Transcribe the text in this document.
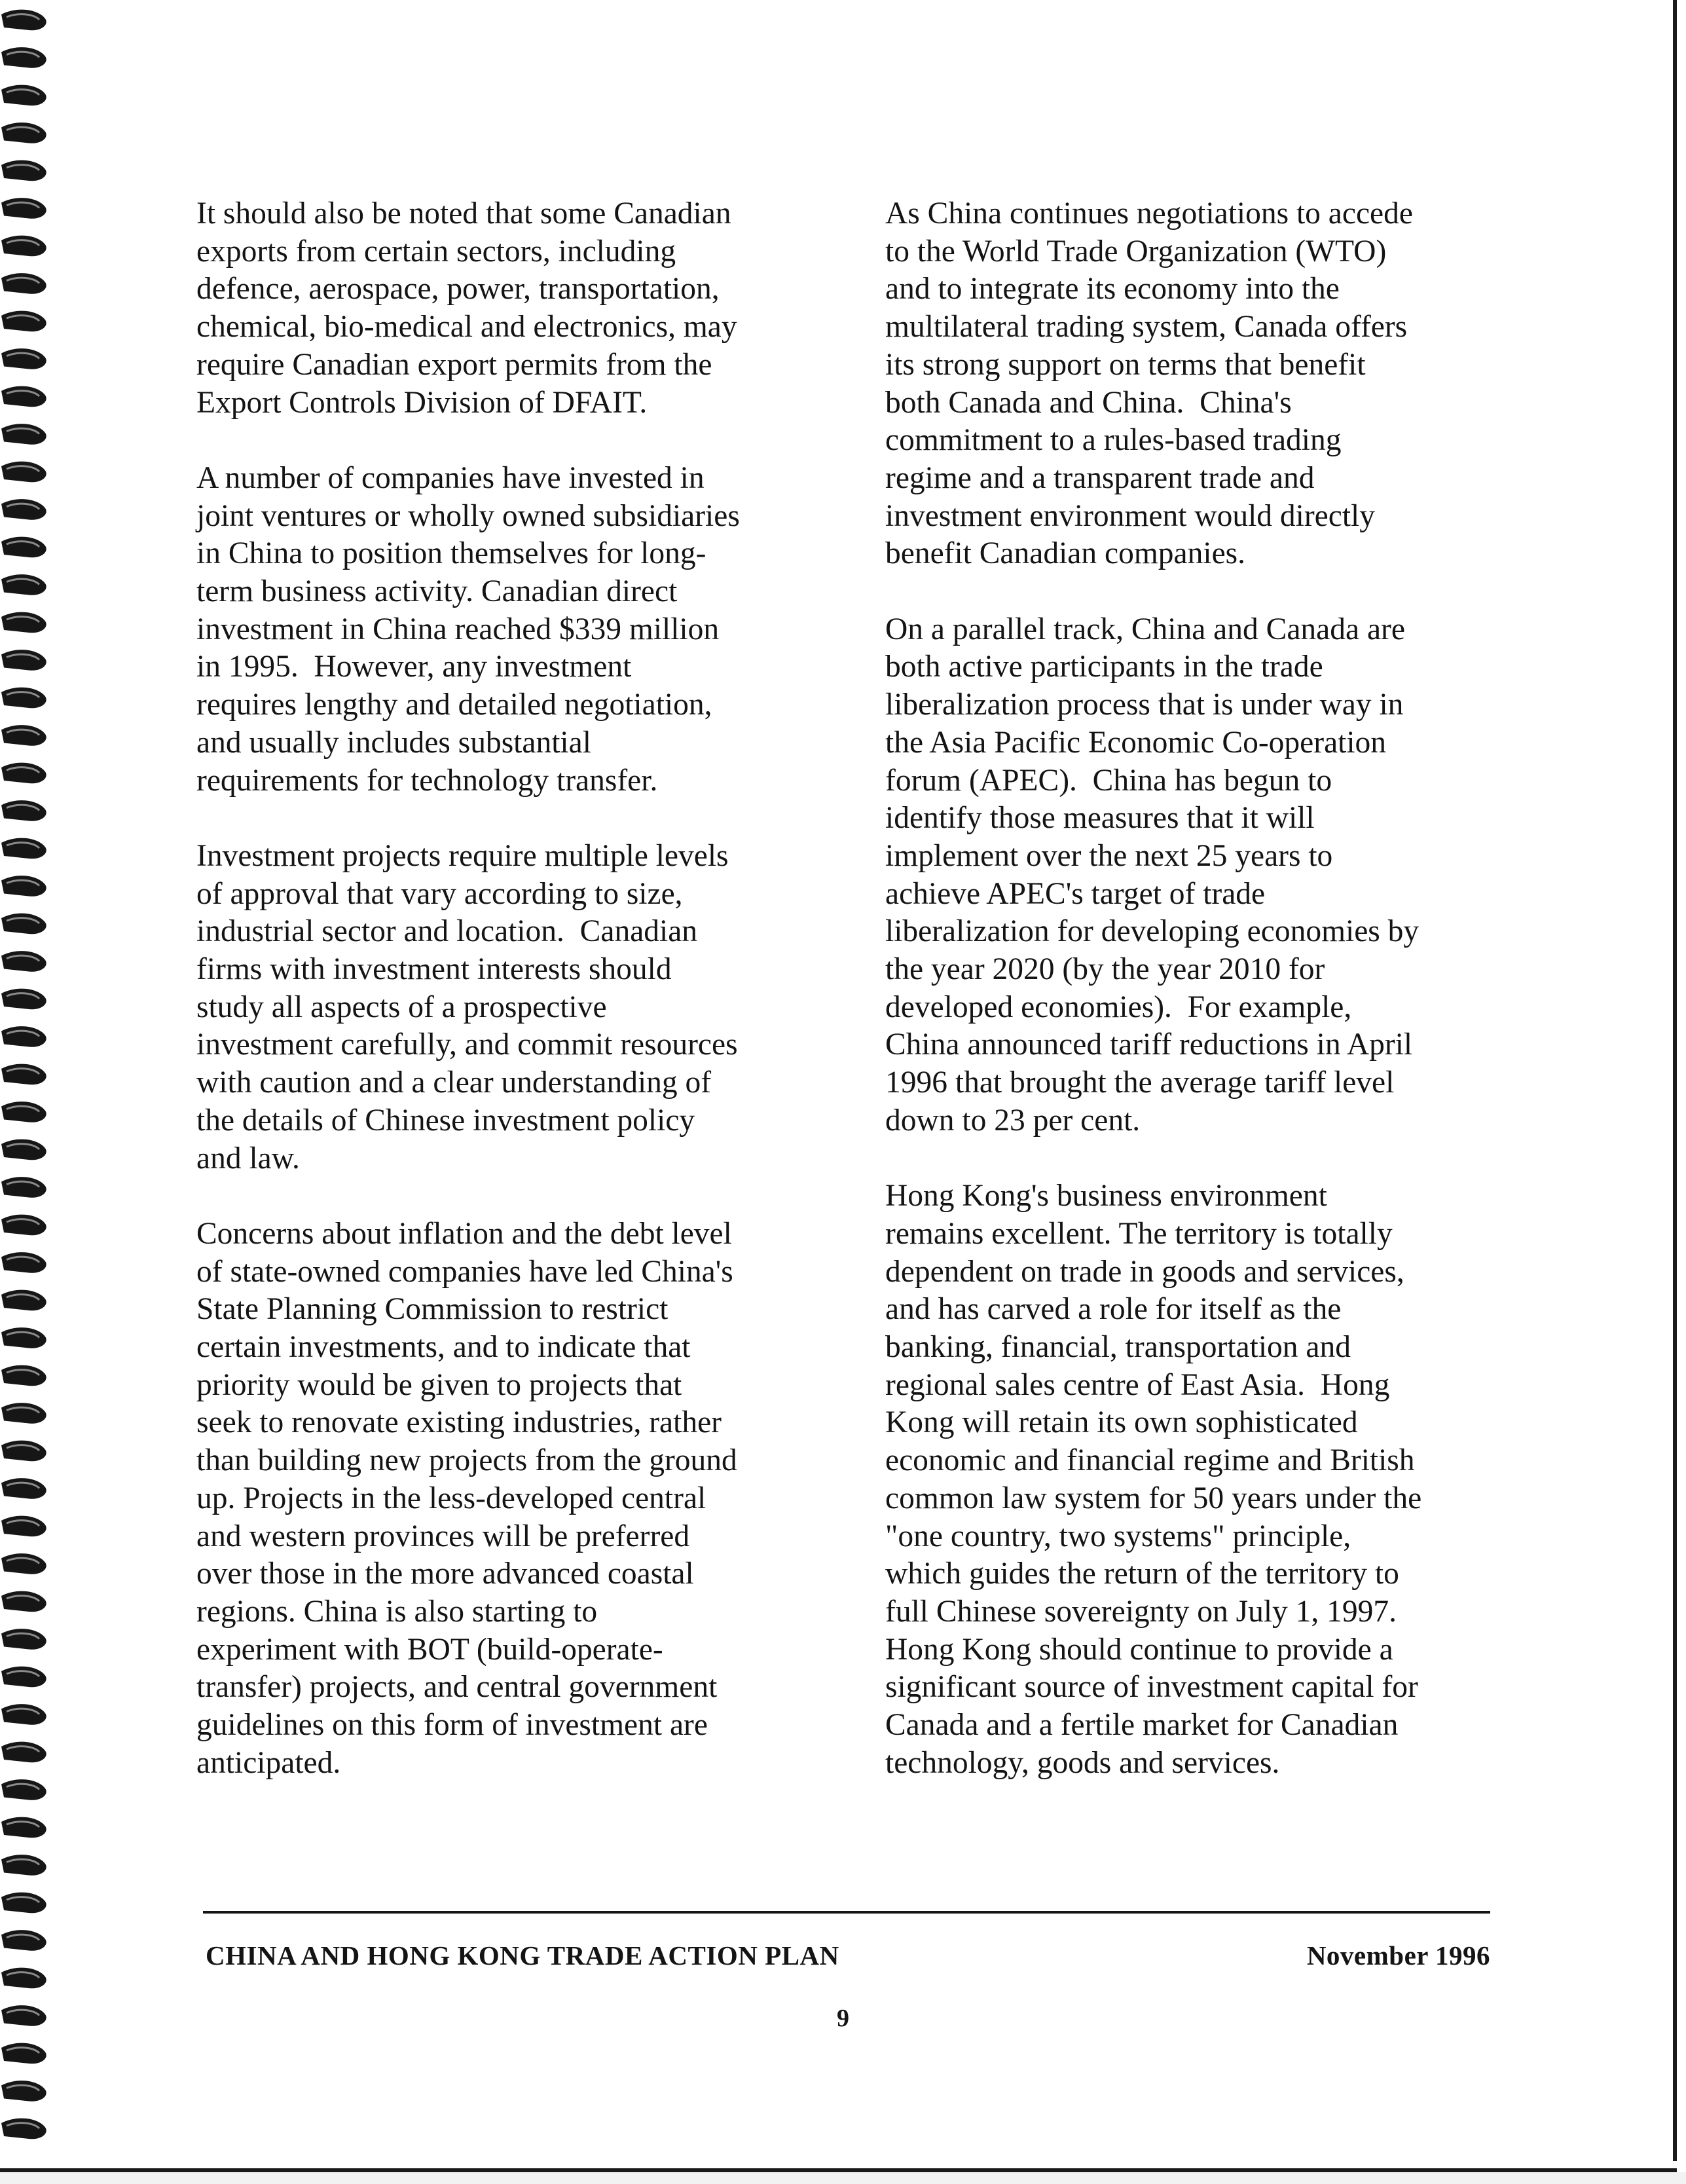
It should also be noted that some Canadian
exports from certain sectors, including
defence, aerospace, power, transportation,
chemical, bio-medical and electronics, may
require Canadian export permits from the
Export Controls Division of DFAIT.
A number of companies have invested in
joint ventures or wholly owned subsidiaries
in China to position themselves for long-
term business activity. Canadian direct
investment in China reached $339 million
in 1995.  However, any investment
requires lengthy and detailed negotiation,
and usually includes substantial
requirements for technology transfer.
Investment projects require multiple levels
of approval that vary according to size,
industrial sector and location.  Canadian
firms with investment interests should
study all aspects of a prospective
investment carefully, and commit resources
with caution and a clear understanding of
the details of Chinese investment policy
and law.
Concerns about inflation and the debt level
of state-owned companies have led China's
State Planning Commission to restrict
certain investments, and to indicate that
priority would be given to projects that
seek to renovate existing industries, rather
than building new projects from the ground
up. Projects in the less-developed central
and western provinces will be preferred
over those in the more advanced coastal
regions. China is also starting to
experiment with BOT (build-operate-
transfer) projects, and central government
guidelines on this form of investment are
anticipated.
As China continues negotiations to accede
to the World Trade Organization (WTO)
and to integrate its economy into the
multilateral trading system, Canada offers
its strong support on terms that benefit
both Canada and China.  China's
commitment to a rules-based trading
regime and a transparent trade and
investment environment would directly
benefit Canadian companies.
On a parallel track, China and Canada are
both active participants in the trade
liberalization process that is under way in
the Asia Pacific Economic Co-operation
forum (APEC).  China has begun to
identify those measures that it will
implement over the next 25 years to
achieve APEC's target of trade
liberalization for developing economies by
the year 2020 (by the year 2010 for
developed economies).  For example,
China announced tariff reductions in April
1996 that brought the average tariff level
down to 23 per cent.
Hong Kong's business environment
remains excellent. The territory is totally
dependent on trade in goods and services,
and has carved a role for itself as the
banking, financial, transportation and
regional sales centre of East Asia.  Hong
Kong will retain its own sophisticated
economic and financial regime and British
common law system for 50 years under the
"one country, two systems" principle,
which guides the return of the territory to
full Chinese sovereignty on July 1, 1997.
Hong Kong should continue to provide a
significant source of investment capital for
Canada and a fertile market for Canadian
technology, goods and services.
CHINA AND HONG KONG TRADE ACTION PLAN	November 1996
9
